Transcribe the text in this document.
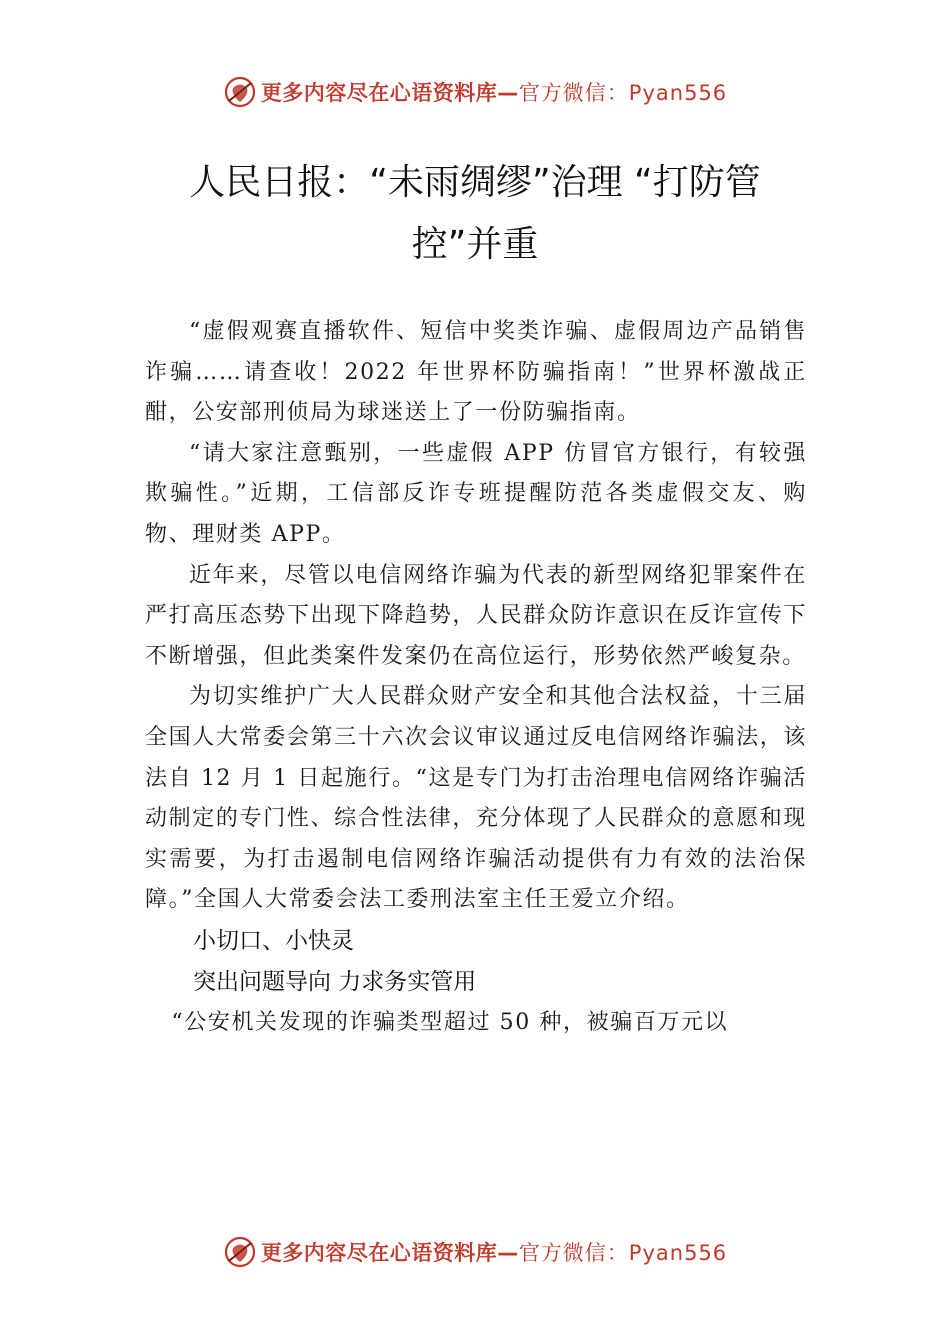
更多内容尽在心语资料库— 官方微信：Pyan556
人民日报：“未雨绸缪”治理 “打防管
控”并重

“虚假观赛直播软件、短信中奖类诈骗、虚假周边产品销售诈骗……请查收！2022 年世界杯防骗指南！”世界杯激战正酣，公安部刑侦局为球迷送上了一份防骗指南。

“请大家注意甄别，一些虚假 APP 仿冒官方银行，有较强欺骗性。”近期，工信部反诈专班提醒防范各类虚假交友、购物、理财类 APP。

近年来，尽管以电信网络诈骗为代表的新型网络犯罪案件在严打高压态势下出现下降趋势，人民群众防诈意识在反诈宣传下不断增强，但此类案件发案仍在高位运行，形势依然严峻复杂。

为切实维护广大人民群众财产安全和其他合法权益，十三届全国人大常委会第三十六次会议审议通过反电信网络诈骗法，该法自 12 月 1 日起施行。“这是专门为打击治理电信网络诈骗活动制定的专门性、综合性法律，充分体现了人民群众的意愿和现实需要，为打击遏制电信网络诈骗活动提供有力有效的法治保障。”全国人大常委会法工委刑法室主任王爱立介绍。

小切口、小快灵

突出问题导向 力求务实管用

“公安机关发现的诈骗类型超过 50 种，被骗百万元以

更多内容尽在心语资料库— 官方微信：Pyan556
